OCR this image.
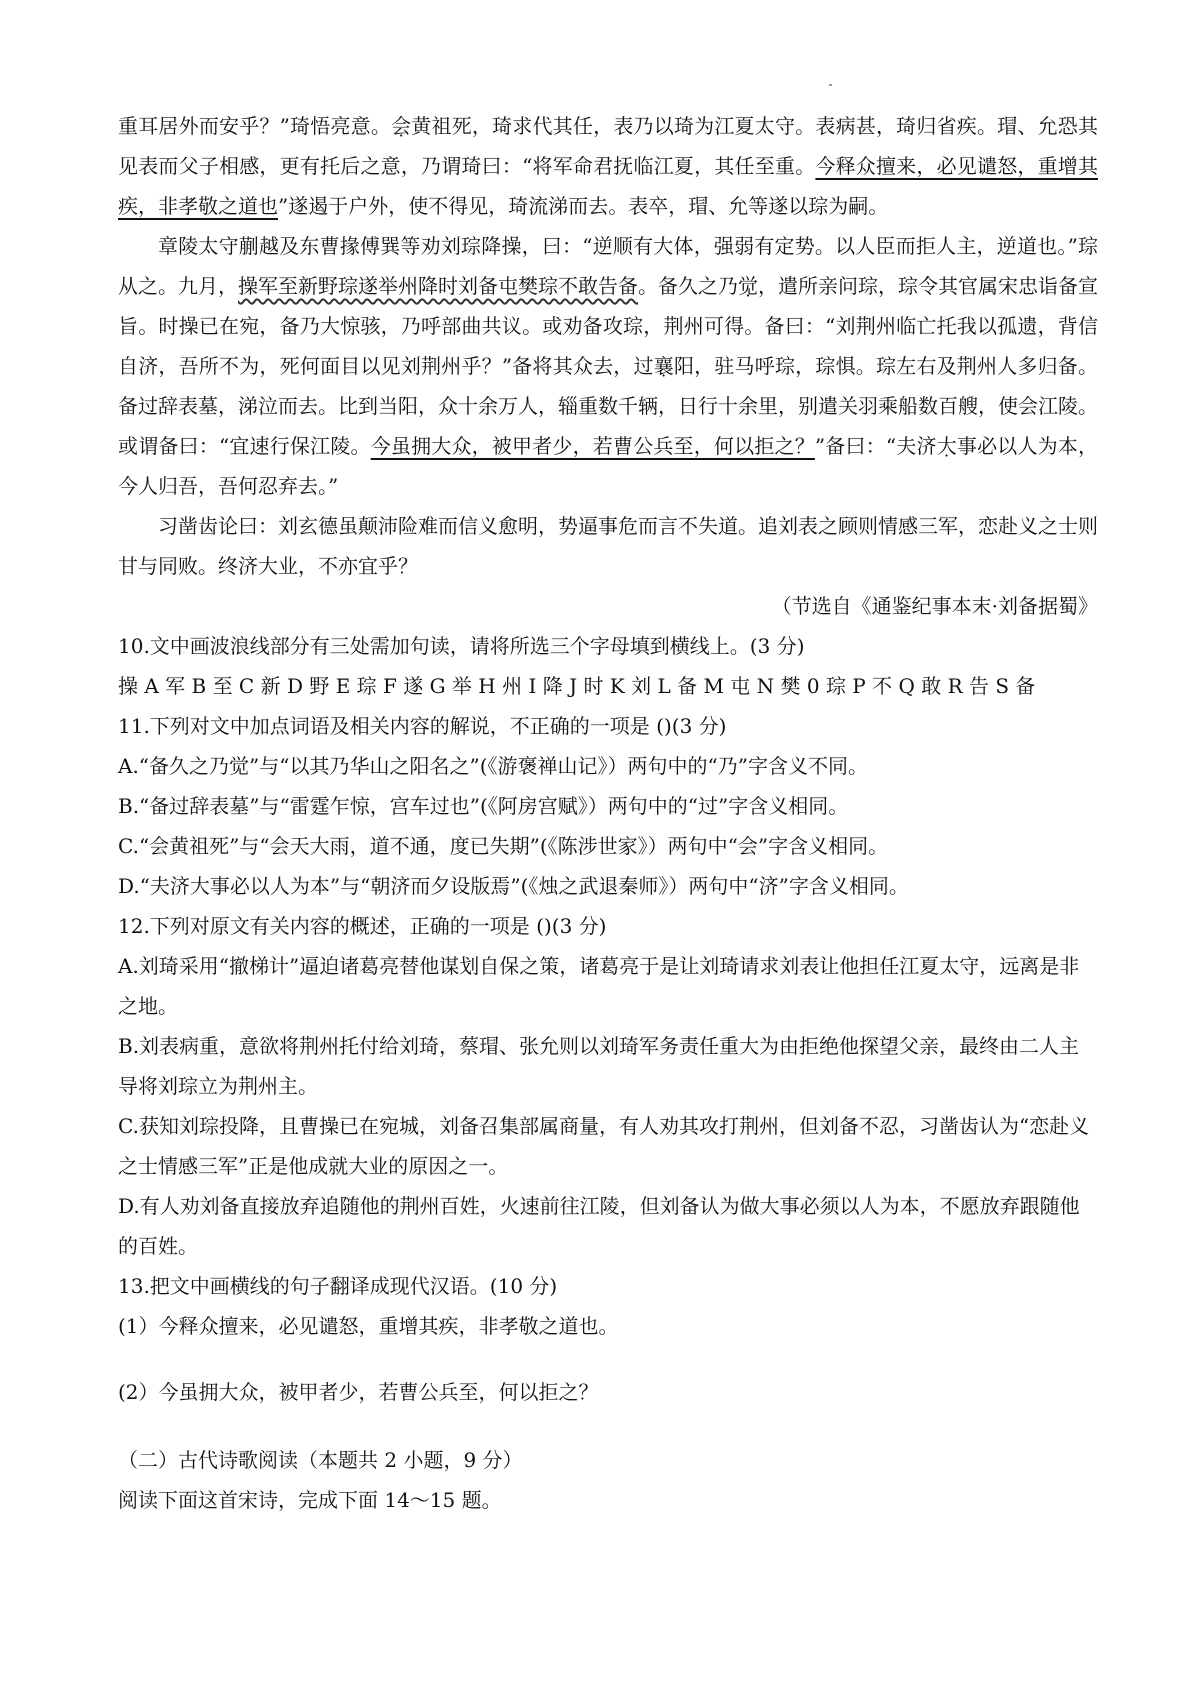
重耳居外而安乎？”琦悟亮意。会黄祖死，琦求代其任，表乃以琦为江夏太守。表病甚，琦归省疾。瑁、允恐其见表而父子相感，更有托后之意，乃谓琦曰：“将军命君抚临江夏，其任至重。今释众擅来，必见谴怒，重增其疾，非孝敬之道也”遂遏于户外，使不得见，琦流涕而去。表卒，瑁、允等遂以琮为嗣。

章陵太守蒯越及东曹掾傅巽等劝刘琮降操，曰：“逆顺有大体，强弱有定势。以人臣而拒人主，逆道也。”琮从之。九月，操军至新野琮遂举州降时刘备屯樊琮不敢告备。备久之乃觉，遣所亲问琮，琮令其官属宋忠诣备宣旨。时操已在宛，备乃大惊骇，乃呼部曲共议。或劝备攻琮，荆州可得。备曰：“刘荆州临亡托我以孤遗，背信自济，吾所不为，死何面目以见刘荆州乎？”备将其众去，过襄阳，驻马呼琮，琮惧。琮左右及荆州人多归备。备过辞表墓，涕泣而去。比到当阳，众十余万人，辎重数千辆，日行十余里，别遣关羽乘船数百艘，使会江陵。或谓备曰：“宜速行保江陵。今虽拥大众，被甲者少，若曹公兵至，何以拒之？”备曰：“夫济大事必以人为本，今人归吾，吾何忍弃去。”

习凿齿论曰：刘玄德虽颠沛险难而信义愈明，势逼事危而言不失道。追刘表之顾则情感三军，恋赴义之士则甘与同败。终济大业，不亦宜乎？

（节选自《通鉴纪事本末·刘备据蜀》

10.文中画波浪线部分有三处需加句读，请将所选三个字母填到横线上。(3 分)

操 A 军 B 至 C 新 D 野 E 琮 F 遂 G 举 H 州 I 降 J 时 K 刘 L 备 M 屯 N 樊 0 琮 P 不 Q 敢 R 告 S 备

11.下列对文中加点词语及相关内容的解说，不正确的一项是 ()(3 分)

A.“备久之乃觉”与“以其乃华山之阳名之”(《游褒禅山记》）两句中的“乃”字含义不同。

B.“备过辞表墓”与“雷霆乍惊，宫车过也”(《阿房宫赋》）两句中的“过”字含义相同。

C.“会黄祖死”与“会天大雨，道不通，度已失期”(《陈涉世家》）两句中“会”字含义相同。

D.“夫济大事必以人为本”与“朝济而夕设版焉”(《烛之武退秦师》）两句中“济”字含义相同。

12.下列对原文有关内容的概述，正确的一项是 ()(3 分)

A.刘琦采用“撤梯计”逼迫诸葛亮替他谋划自保之策，诸葛亮于是让刘琦请求刘表让他担任江夏太守，远离是非之地。

B.刘表病重，意欲将荆州托付给刘琦，蔡瑁、张允则以刘琦军务责任重大为由拒绝他探望父亲，最终由二人主导将刘琮立为荆州主。

C.获知刘琮投降，且曹操已在宛城，刘备召集部属商量，有人劝其攻打荆州，但刘备不忍，习凿齿认为“恋赴义之士情感三军”正是他成就大业的原因之一。

D.有人劝刘备直接放弃追随他的荆州百姓，火速前往江陵，但刘备认为做大事必须以人为本，不愿放弃跟随他的百姓。

13.把文中画横线的句子翻译成现代汉语。(10 分)

(1）今释众擅来，必见谴怒，重增其疾，非孝敬之道也。

(2）今虽拥大众，被甲者少，若曹公兵至，何以拒之？

（二）古代诗歌阅读（本题共 2 小题，9 分）

阅读下面这首宋诗，完成下面 14～15 题。
